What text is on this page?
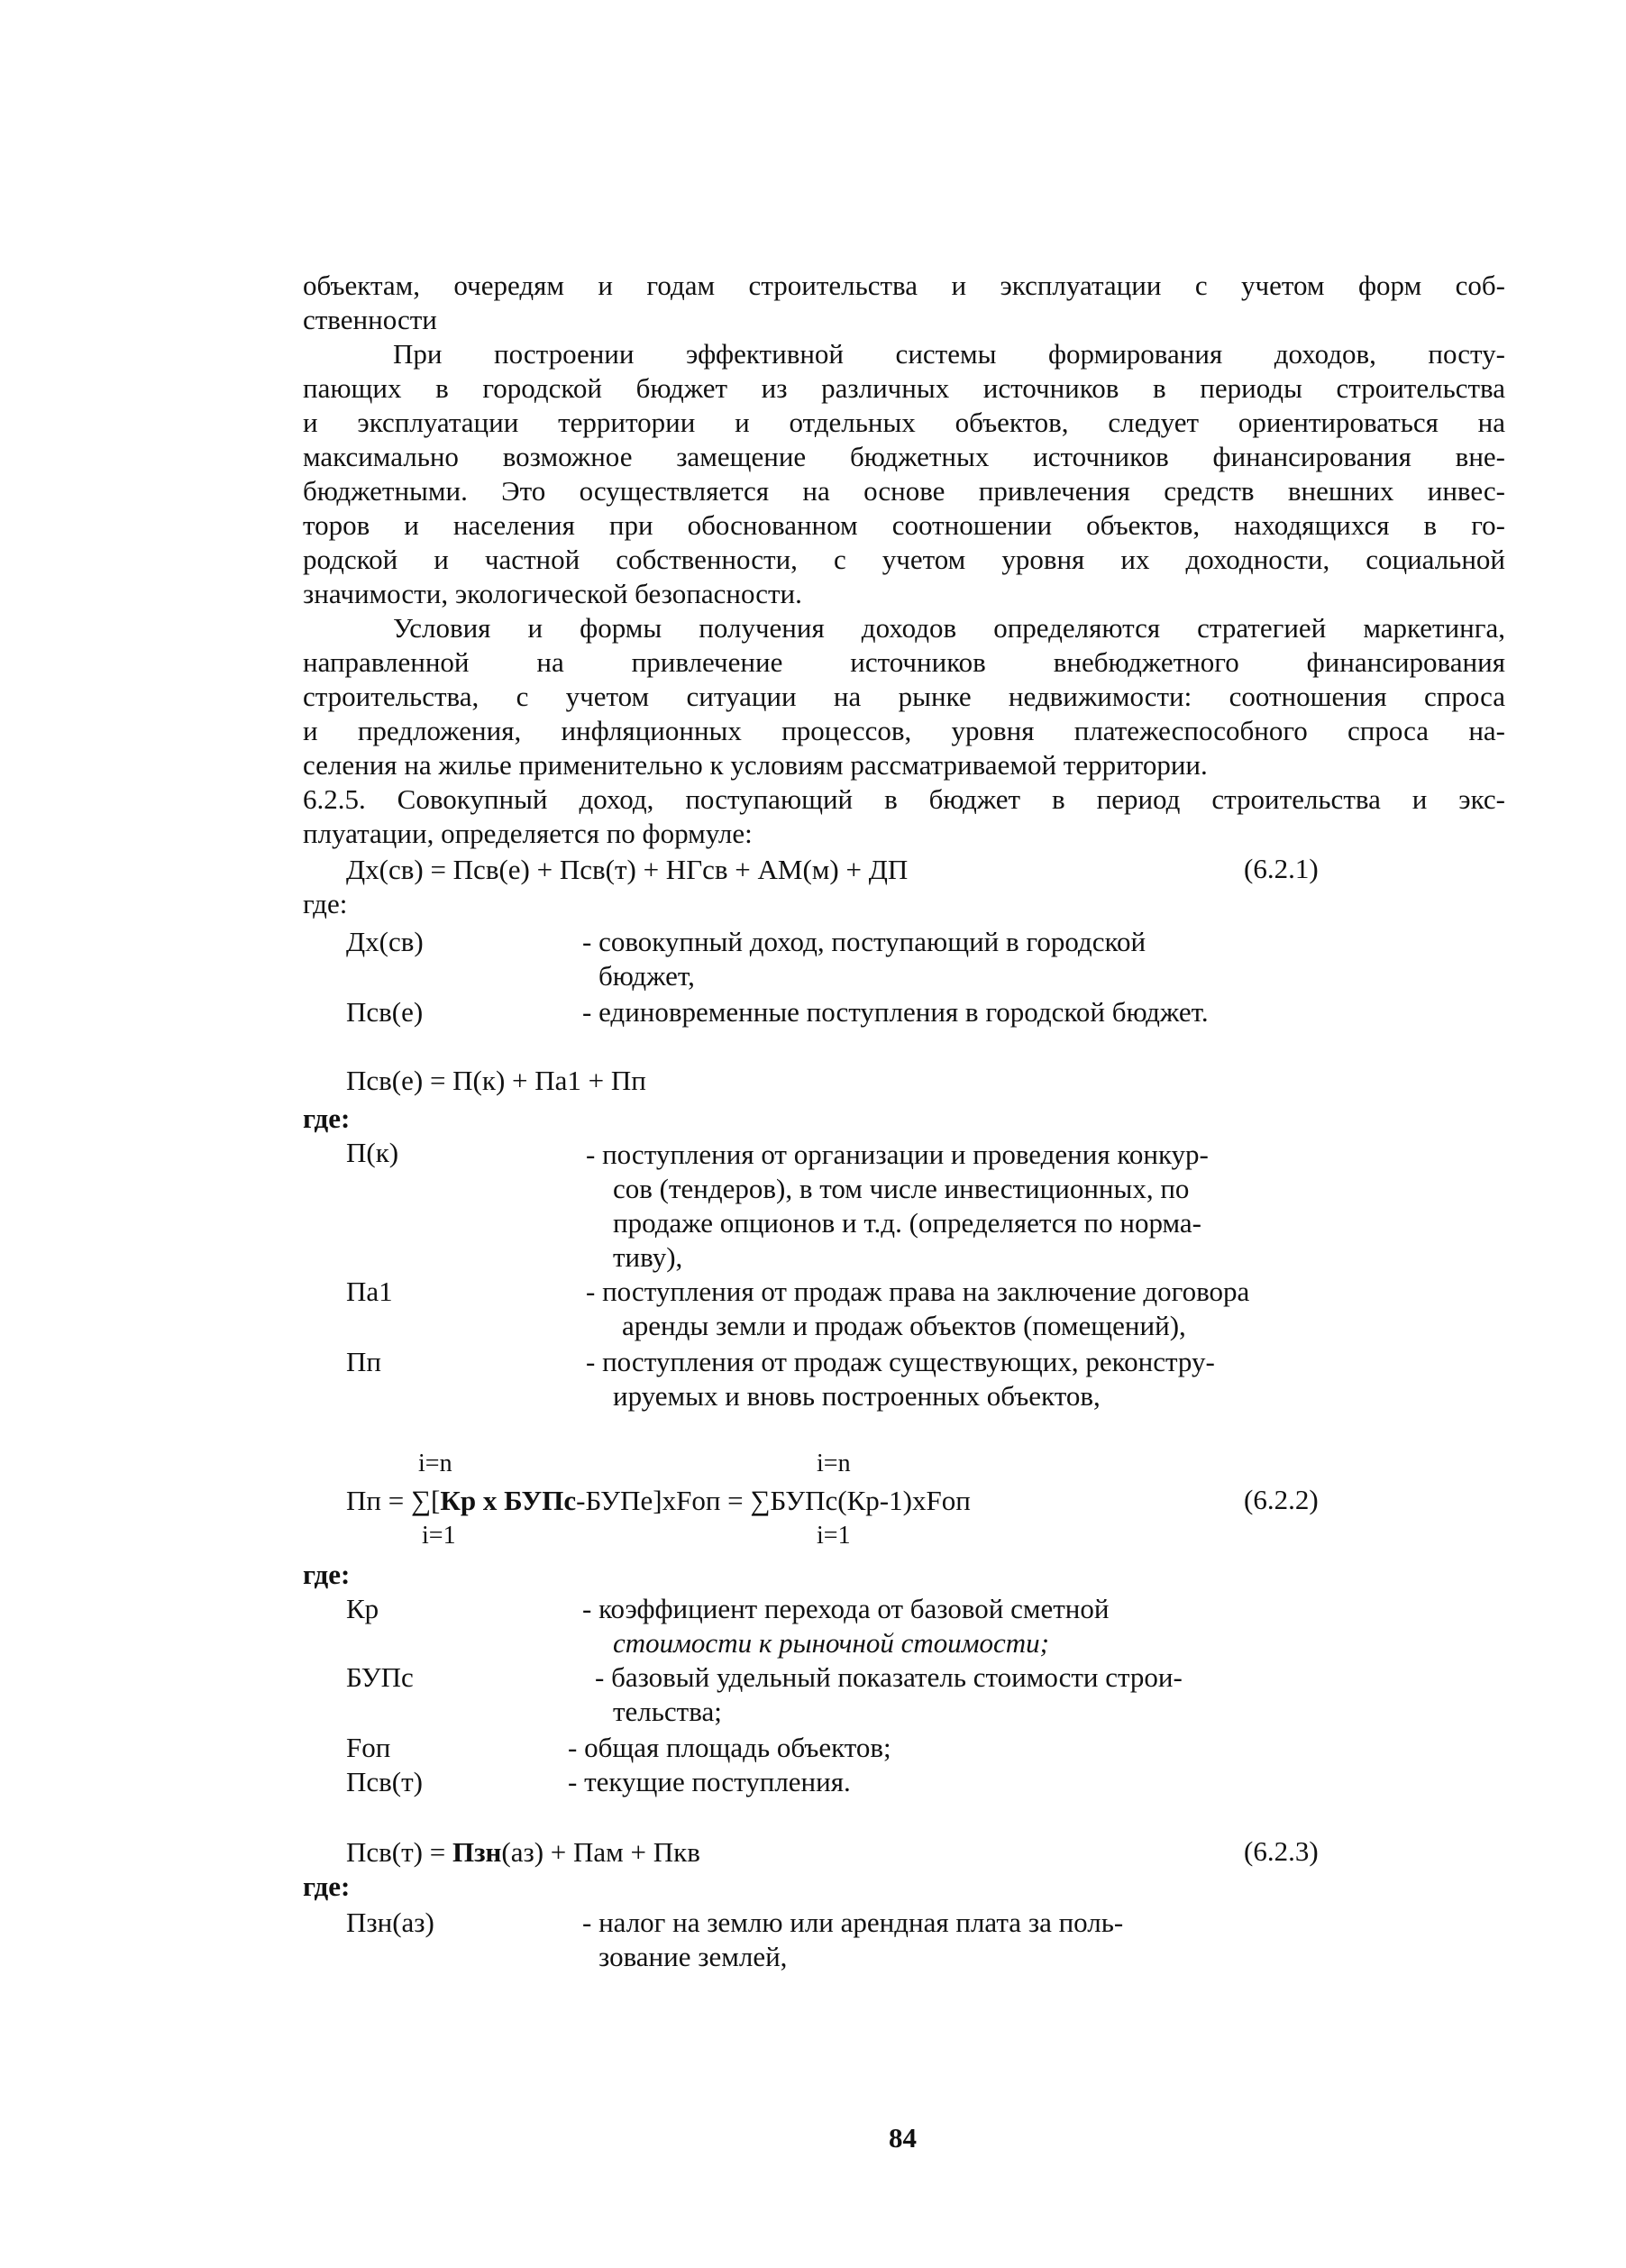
объектам, очередям и годам строительства и эксплуатации с учетом форм соб-
ственности
При построении эффективной системы формирования доходов, посту-
пающих в городской бюджет из различных источников в периоды строительства
и эксплуатации территории и отдельных объектов, следует ориентироваться на
максимально возможное замещение бюджетных источников финансирования вне-
бюджетными. Это осуществляется на основе привлечения средств внешних инвес-
торов и населения при обоснованном соотношении объектов, находящихся в го-
родской и частной собственности, с учетом уровня их доходности, социальной
значимости, экологической безопасности.
Условия и формы получения доходов определяются стратегией маркетинга,
направленной на привлечение источников внебюджетного финансирования
строительства, с учетом ситуации на рынке недвижимости: соотношения спроса
и предложения, инфляционных процессов, уровня платежеспособного спроса на-
селения на жилье применительно к условиям рассматриваемой территории.
6.2.5. Совокупный доход, поступающий в бюджет в период строительства и экс-
плуатации, определяется по формуле:
Дх(св) = Псв(е) + Псв(т) + НГсв + АМ(м) + ДП	(6.2.1)
где:
Дх(св)	- совокупный доход, поступающий в городской
бюджет,
Псв(е)	- единовременные поступления в городской бюджет.
Псв(е) = П(к) + Па1 + Пп
где:
П(к)	- поступления от организации и проведения конкур-
сов (тендеров), в том числе инвестиционных, по
продаже опционов и т.д. (определяется по норма-
тиву),
Па1	- поступления от продаж права на заключение договора
аренды земли и продаж объектов (помещений),
Пп	- поступления от продаж существующих, реконстру-
ируемых и вновь построенных объектов,
i=n	i=n
Пп = ∑[Кр х БУПс-БУПе]хFoп = ∑БУПс(Кр-1)хFoп	(6.2.2)
i=1	i=1
где:
Кр	- коэффициент перехода от базовой сметной
стоимости к рыночной стоимости;
БУПс	- базовый удельный показатель стоимости строи-
тельства;
Foп	- общая площадь объектов;
Псв(т)	- текущие поступления.
Псв(т) = Пзн(аз) + Пам + Пкв	(6.2.3)
где:
Пзн(аз)	- налог на землю или арендная плата за поль-
зование землей,
84
